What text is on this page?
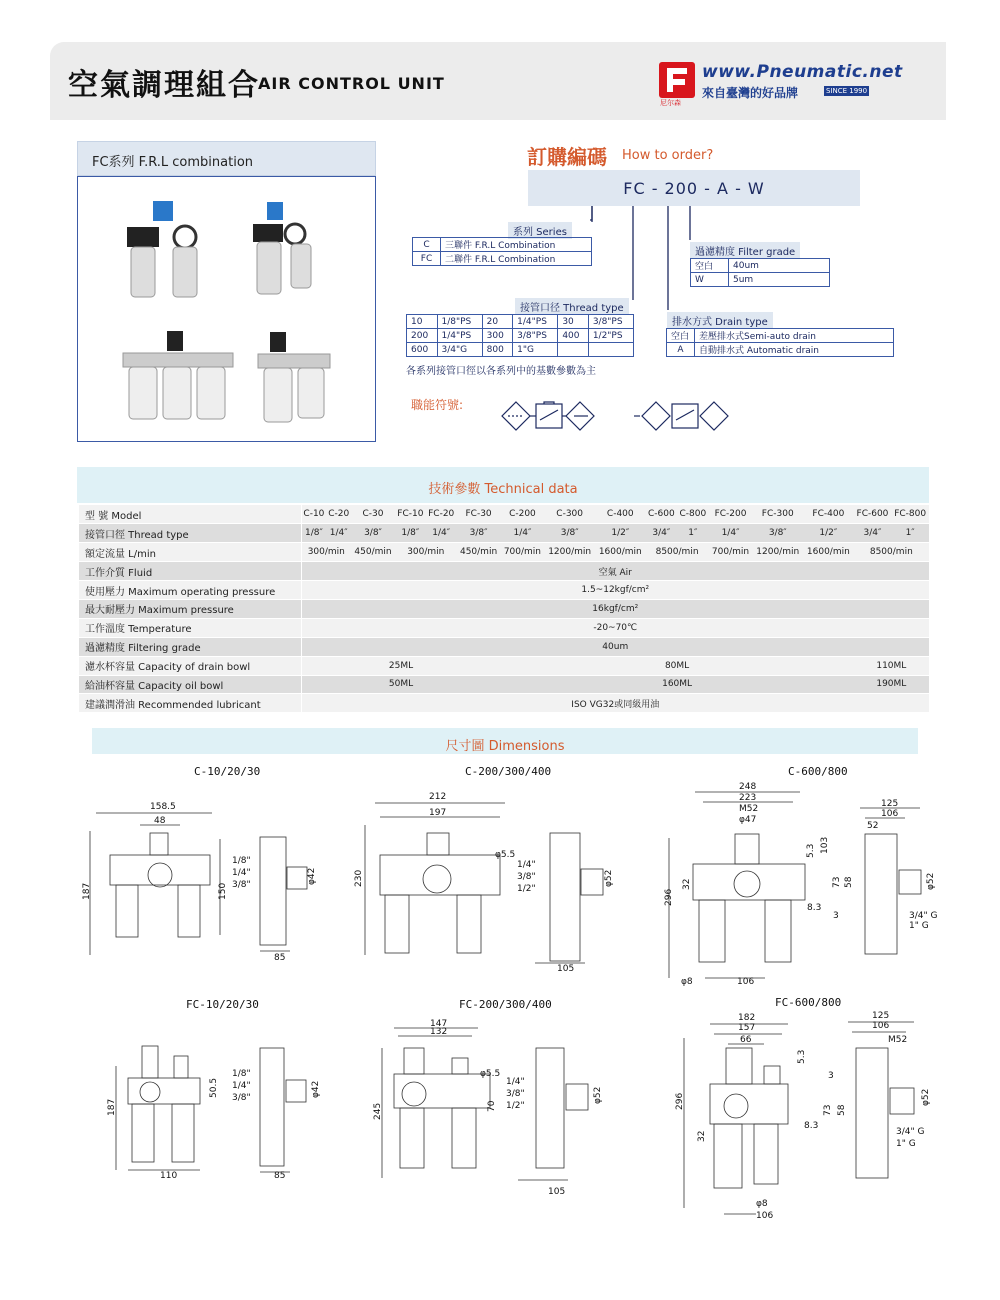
空氣調理組合
AIR CONTROL UNIT
尼尔森
www.Pneumatic.net
來自臺灣的好品牌	SINCE 1990
FC系列 F.R.L combination	訂購編碼 How to order?
FC - 200 - A - W
系列 Series
C	三聯件 F.R.L Combination
FC	二聯件 F.R.L Combination
過濾精度 Filter grade
空白	40um
W	5um
接管口径 Thread type
10	1/8"PS	20	1/4"PS	30	3/8"PS
200	1/4"PS	300	3/8"PS	400	1/2"PS
600	3/4"G	800	1"G		
排水方式 Drain type
空白	差壓排水式Semi-auto drain
A	自動排水式 Automatic drain
各系列接管口徑以各系列中的基數參數為主
職能符號:
技術參數 Technical data
型 號 Model	C-10	C-20	C-30	FC-10	FC-20	FC-30	C-200	C-300	C-400	C-600	C-800	FC-200	FC-300	FC-400	FC-600	FC-800
接管口徑 Thread type	1/8″	1/4″	3/8″	1/8″	1/4″	3/8″	1/4″	3/8″	1/2″	3/4″	1″	1/4″	3/8″	1/2″	3/4″	1″
額定流量 L/min	300/min		450/min	300/min		450/min	700/min	1200/min	1600/min	8500/min		700/min	1200/min	1600/min	8500/min	
工作介質 Fluid	空氣 Air															
使用壓力 Maximum operating pressure	1.5~12kgf/cm²															
最大耐壓力 Maximum pressure	16kgf/cm²															
工作溫度 Temperature	-20~70℃															
過濾精度 Filtering grade	40um															
濾水杯容量 Capacity of drain bowl	25ML						80ML								110ML	
給油杯容量 Capacity oil bowl	50ML						160ML								190ML	
建議潤滑油 Recommended lubricant	ISO VG32或同級用油															
尺寸圖 Dimensions
C-10/20/30	C-200/300/400	C-600/800
FC-10/20/30	FC-200/300/400	FC-600/800
158.5
48
187	150
85
φ42
1/8"
1/4"
3/8"
212
197
230
φ5.5
105
φ52
1/4"
3/8"
1/2"
248
223
M52
φ47
296
32
5.3 103
73 58
8.3
3
φ8	106
125
106
52
φ52
3/4" G
1" G
187
50.5
110	85
φ42
1/8"
1/4"
3/8"
147
132
245	70
φ5.5
105
φ52
1/4"
3/8"
1/2"
182
157
66
296
32
5.3
3
73 58
8.3
φ8
106
125
106
M52
φ52
3/4" G
1" G
